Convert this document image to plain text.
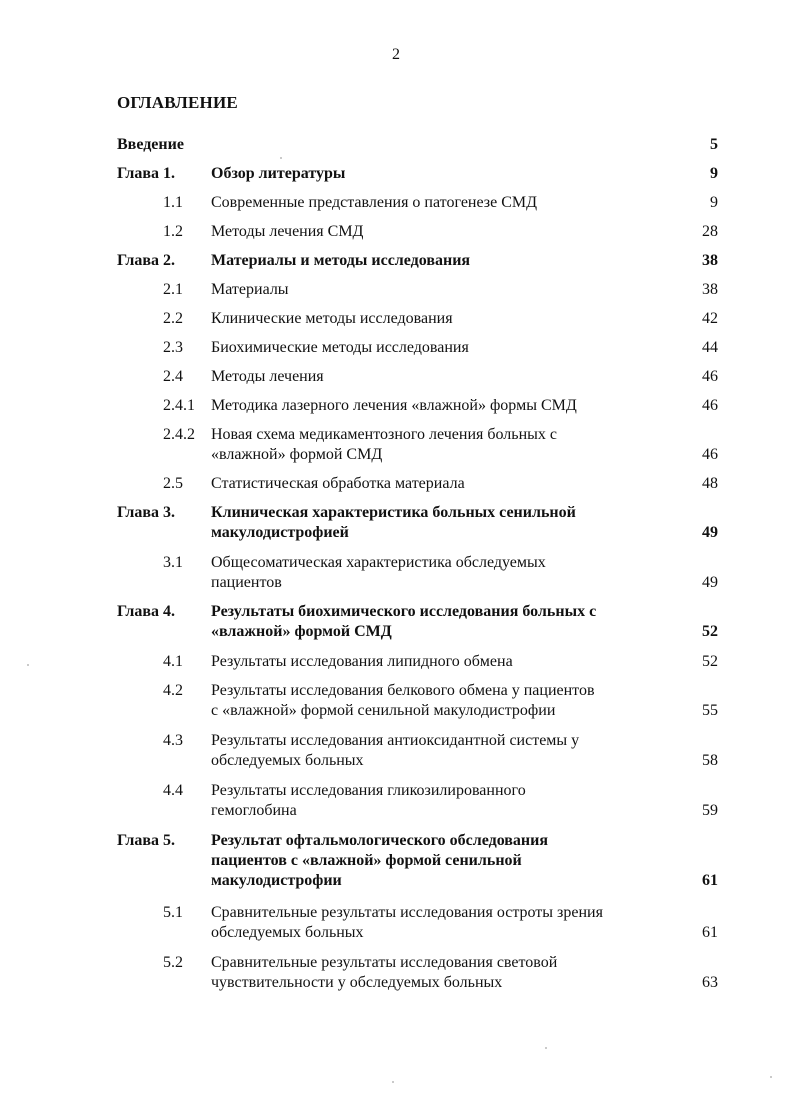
2
ОГЛАВЛЕНИЕ
Введение	5
Глава 1. Обзор литературы	9
1.1 Современные представления о патогенезе СМД	9
1.2 Методы лечения СМД	28
Глава 2. Материалы и методы исследования	38
2.1 Материалы	38
2.2 Клинические методы исследования	42
2.3 Биохимические методы исследования	44
2.4 Методы лечения	46
2.4.1 Методика лазерного лечения «влажной» формы СМД	46
2.4.2 Новая схема медикаментозного лечения больных с
«влажной» формой СМД	46
2.5 Статистическая обработка материала	48
Глава 3. Клиническая характеристика больных сенильной
макулодистрофией	49
3.1 Общесоматическая характеристика обследуемых
пациентов	49
Глава 4. Результаты биохимического исследования больных с
«влажной» формой СМД	52
4.1 Результаты исследования липидного обмена	52
4.2 Результаты исследования белкового обмена у пациентов
с «влажной» формой сенильной макулодистрофии	55
4.3 Результаты исследования антиоксидантной системы у
обследуемых больных	58
4.4 Результаты исследования гликозилированного
гемоглобина	59
Глава 5. Результат офтальмологического обследования
пациентов с «влажной» формой сенильной
макулодистрофии	61
5.1 Сравнительные результаты исследования остроты зрения
обследуемых больных	61
5.2 Сравнительные результаты исследования световой
чувствительности у обследуемых больных	63
